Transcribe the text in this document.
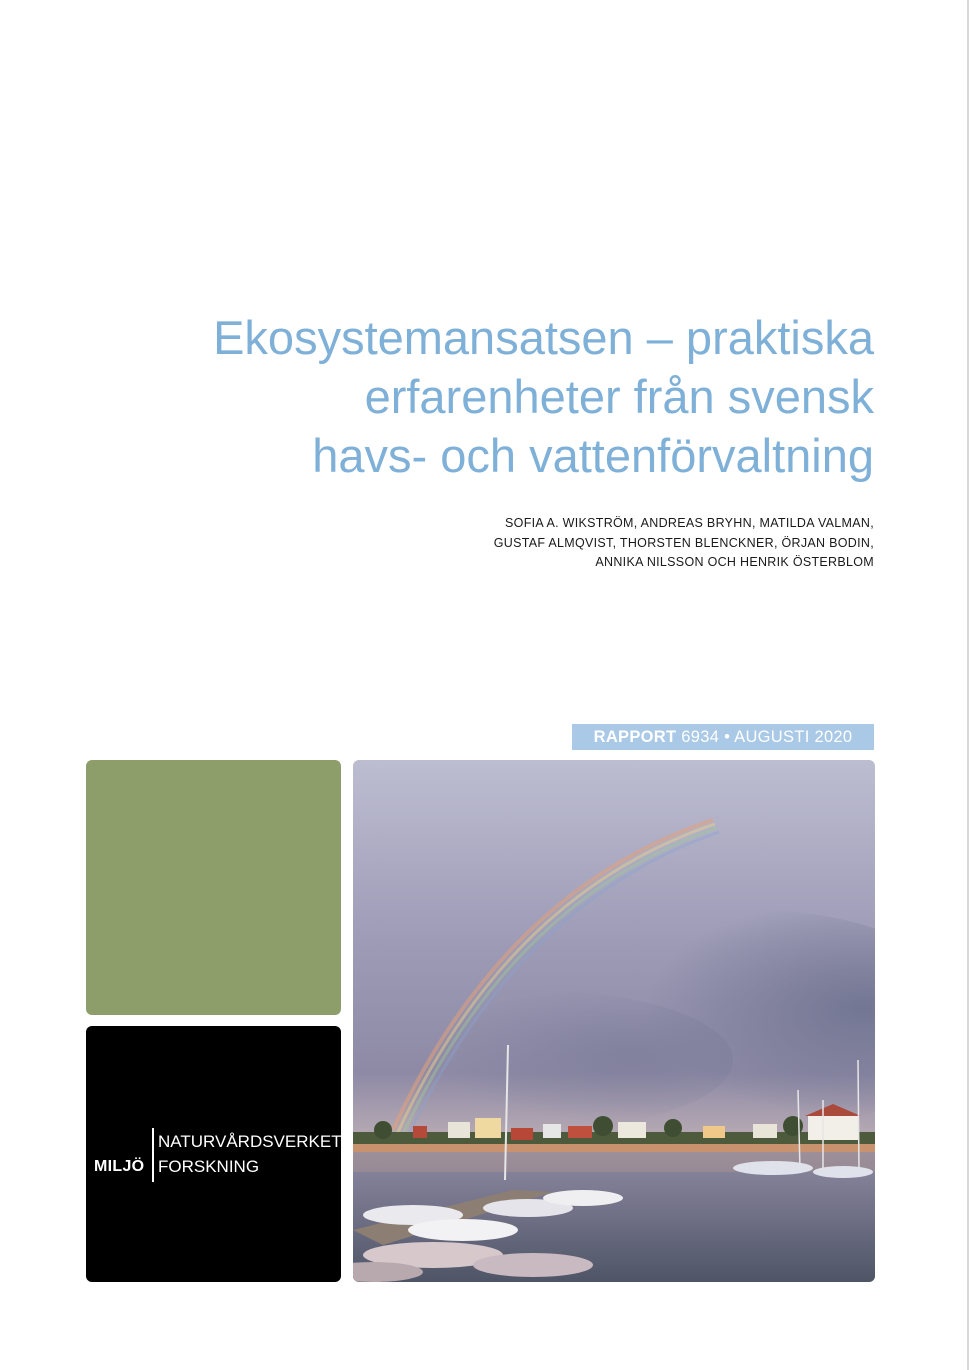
Ekosystemansatsen – praktiska
erfarenheter från svensk
havs- och vattenförvaltning
SOFIA A. WIKSTRÖM, ANDREAS BRYHN, MATILDA VALMAN,
GUSTAF ALMQVIST, THORSTEN BLENCKNER, ÖRJAN BODIN,
ANNIKA NILSSON OCH HENRIK ÖSTERBLOM
RAPPORT 6934 • AUGUSTI 2020
MILJÖ
NATURVÅRDSVERKET
FORSKNING
